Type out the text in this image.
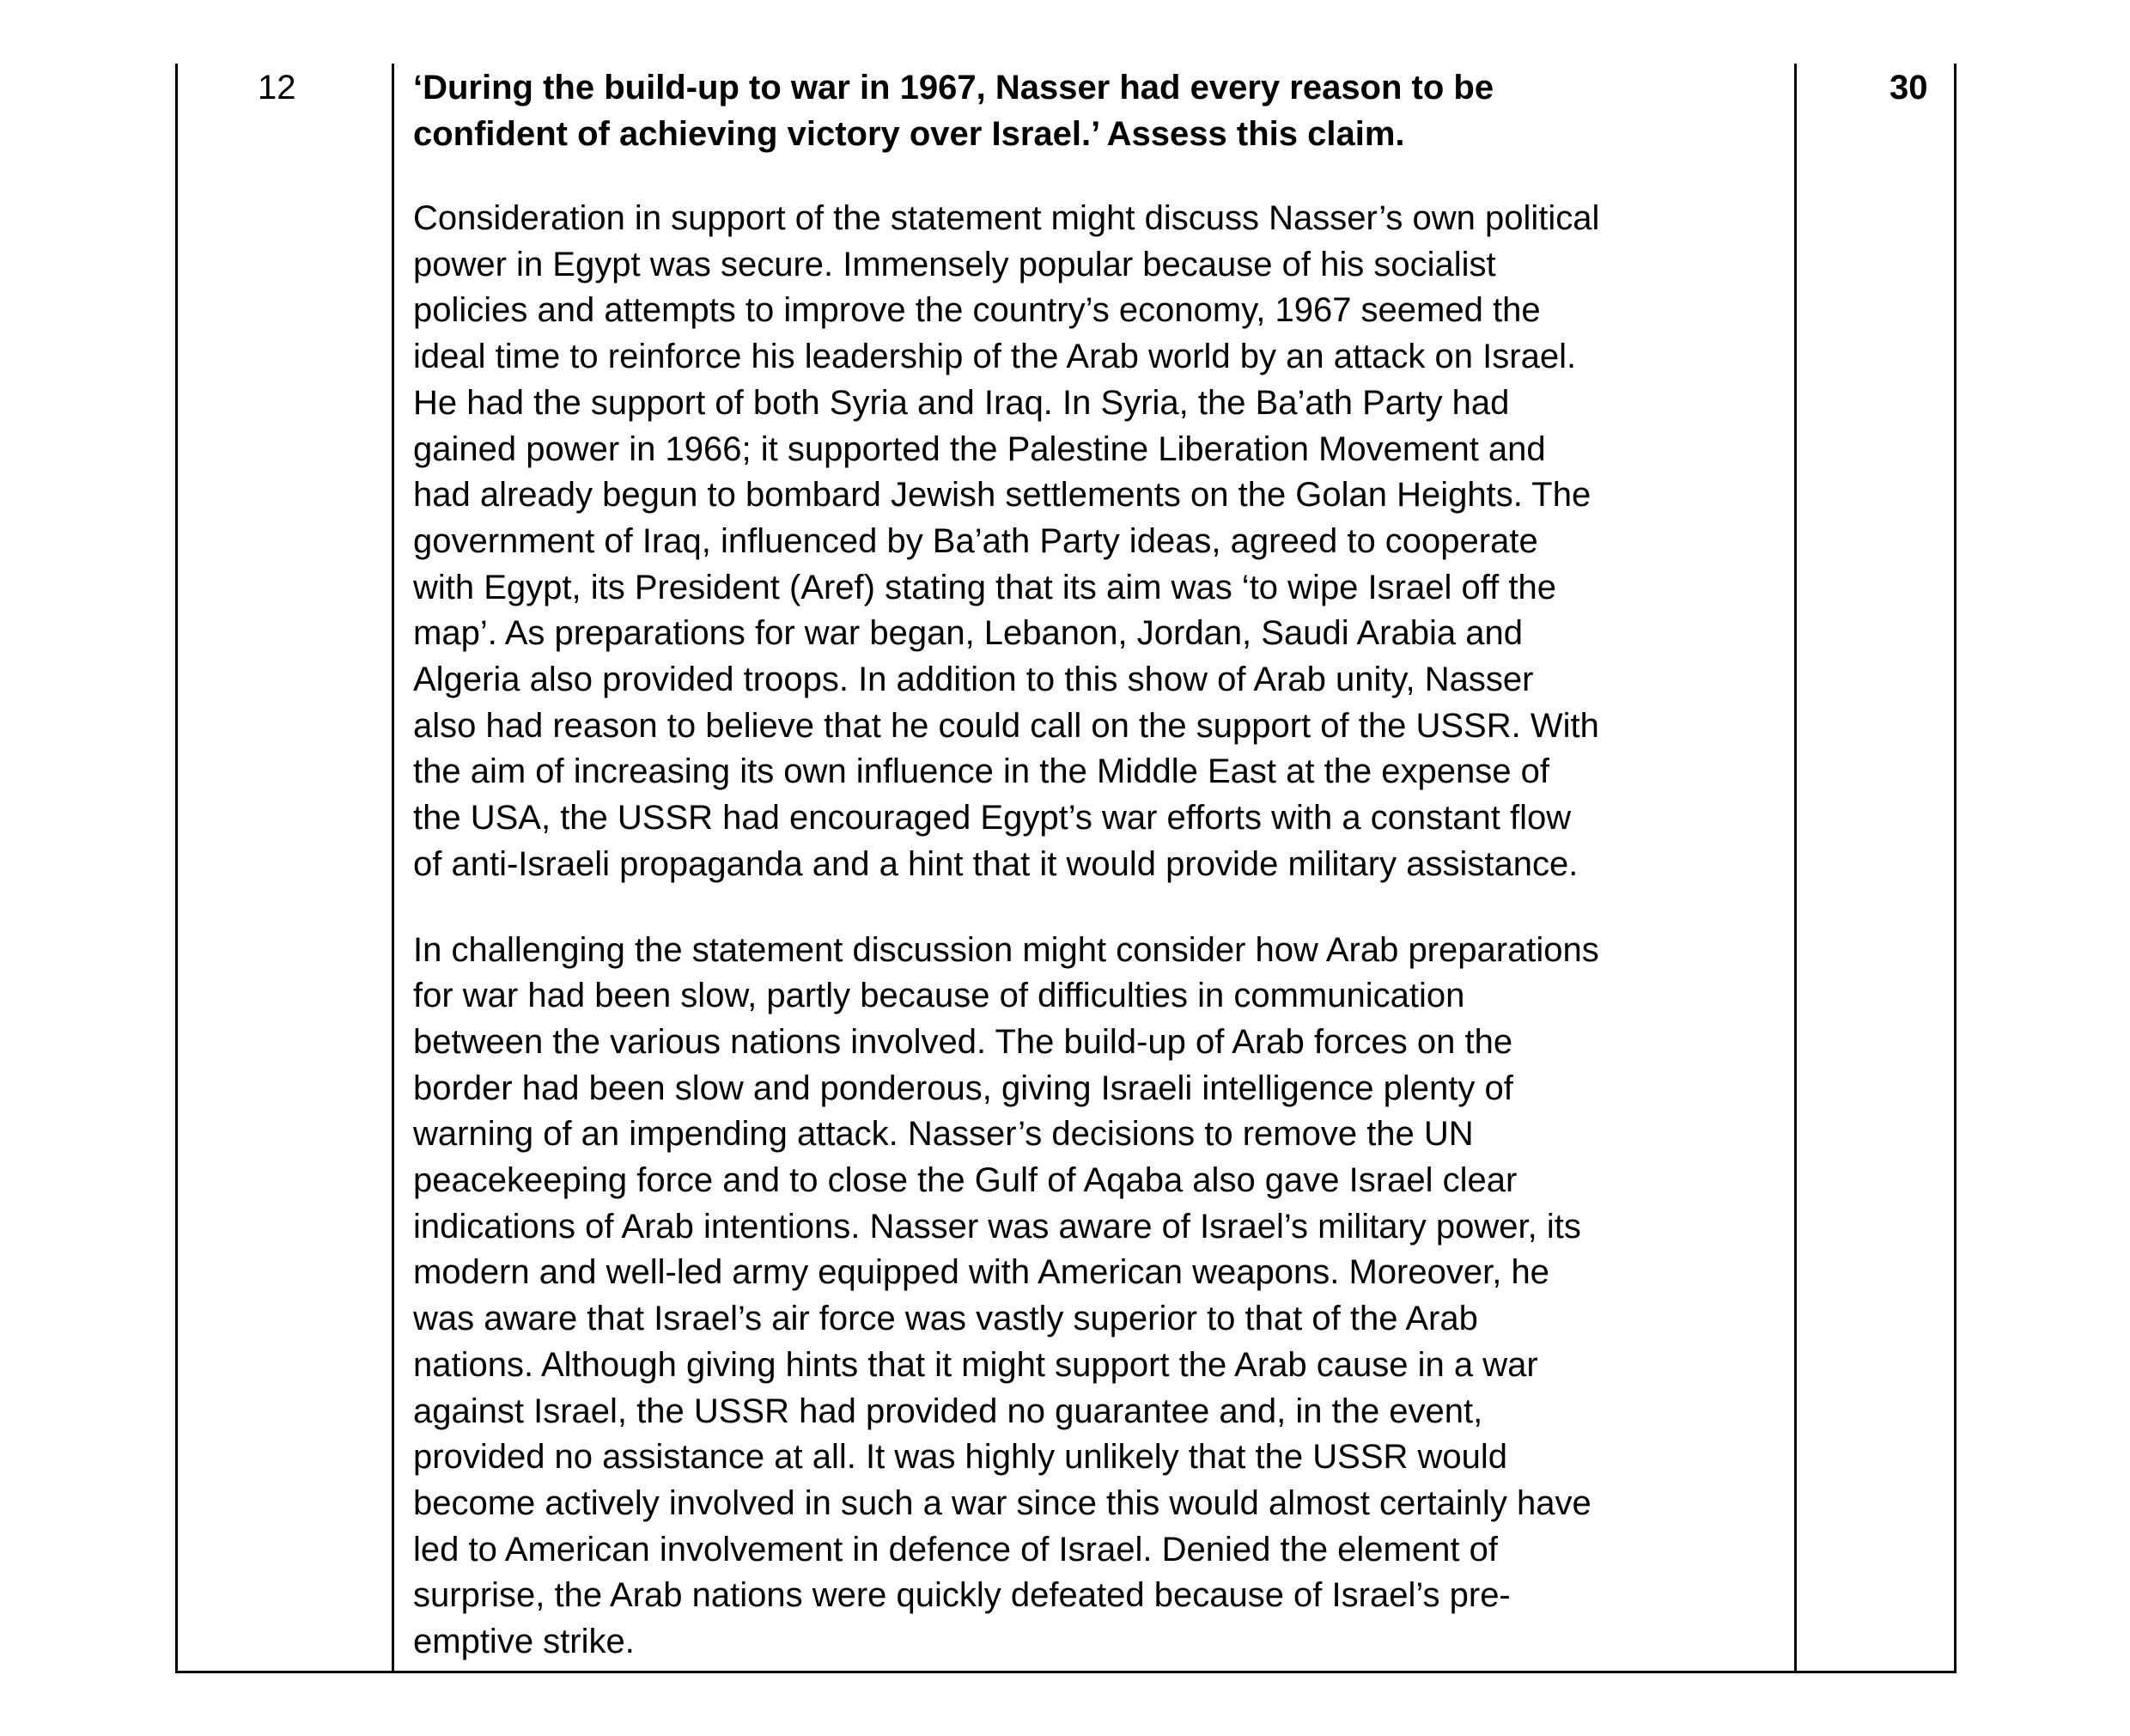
12	‘During the build-up to war in 1967, Nasser had every reason to be
confident of achieving victory over Israel.’ Assess this claim.

Consideration in support of the statement might discuss Nasser’s own political
power in Egypt was secure. Immensely popular because of his socialist
policies and attempts to improve the country’s economy, 1967 seemed the
ideal time to reinforce his leadership of the Arab world by an attack on Israel.
He had the support of both Syria and Iraq. In Syria, the Ba’ath Party had
gained power in 1966; it supported the Palestine Liberation Movement and
had already begun to bombard Jewish settlements on the Golan Heights. The
government of Iraq, influenced by Ba’ath Party ideas, agreed to cooperate
with Egypt, its President (Aref) stating that its aim was ‘to wipe Israel off the
map’. As preparations for war began, Lebanon, Jordan, Saudi Arabia and
Algeria also provided troops. In addition to this show of Arab unity, Nasser
also had reason to believe that he could call on the support of the USSR. With
the aim of increasing its own influence in the Middle East at the expense of
the USA, the USSR had encouraged Egypt’s war efforts with a constant flow
of anti-Israeli propaganda and a hint that it would provide military assistance.

In challenging the statement discussion might consider how Arab preparations
for war had been slow, partly because of difficulties in communication
between the various nations involved. The build-up of Arab forces on the
border had been slow and ponderous, giving Israeli intelligence plenty of
warning of an impending attack. Nasser’s decisions to remove the UN
peacekeeping force and to close the Gulf of Aqaba also gave Israel clear
indications of Arab intentions. Nasser was aware of Israel’s military power, its
modern and well-led army equipped with American weapons. Moreover, he
was aware that Israel’s air force was vastly superior to that of the Arab
nations. Although giving hints that it might support the Arab cause in a war
against Israel, the USSR had provided no guarantee and, in the event,
provided no assistance at all. It was highly unlikely that the USSR would
become actively involved in such a war since this would almost certainly have
led to American involvement in defence of Israel. Denied the element of
surprise, the Arab nations were quickly defeated because of Israel’s pre-
emptive strike.

30
